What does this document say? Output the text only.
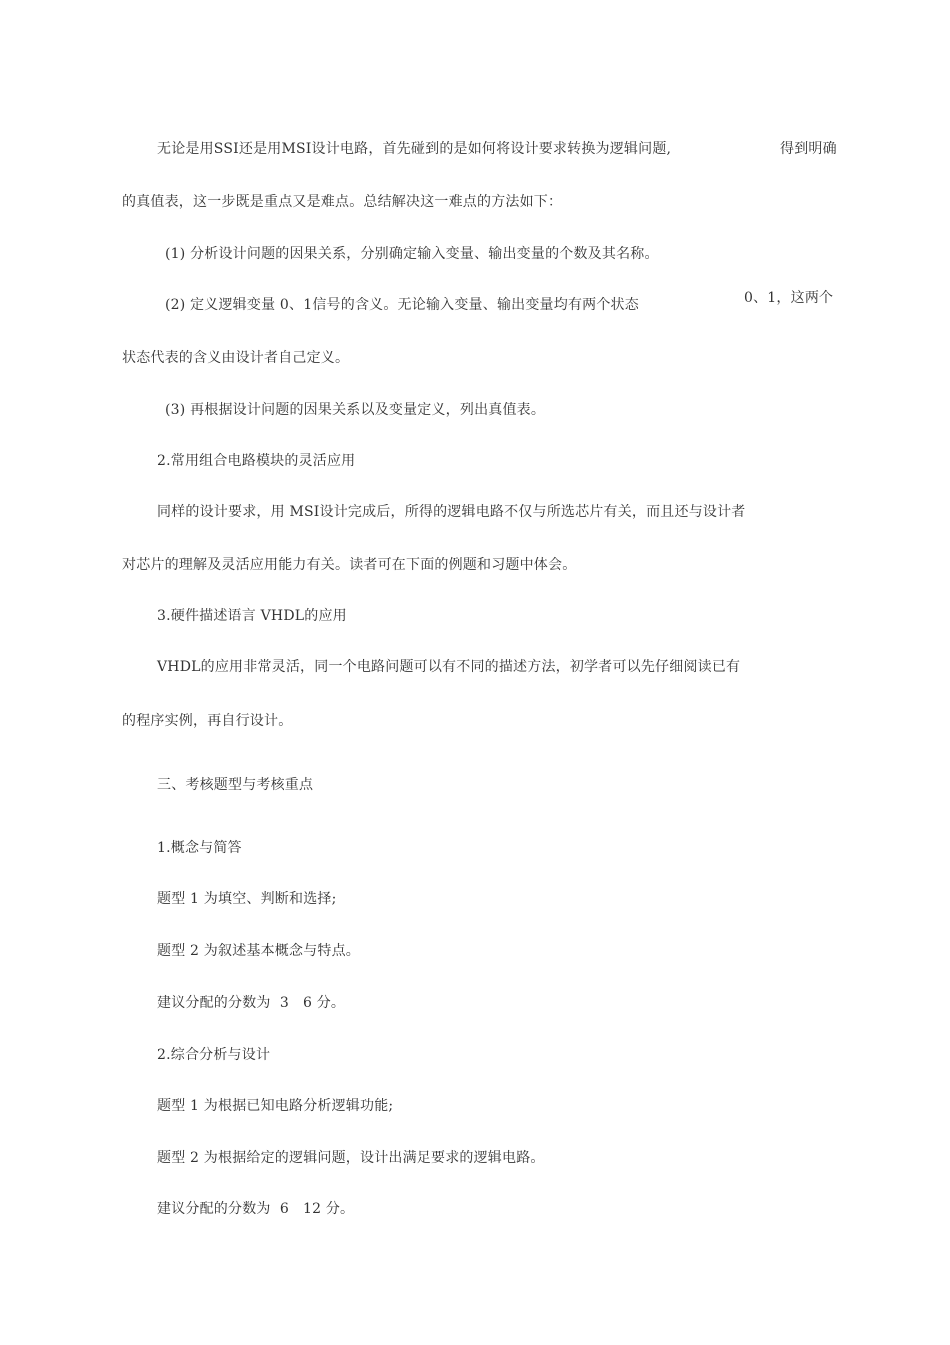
无论是用SSI还是用MSI设计电路，首先碰到的是如何将设计要求转换为逻辑问题,	得到明确
的真值表，这一步既是重点又是难点。总结解决这一难点的方法如下：
(1) 分析设计问题的因果关系，分别确定输入变量、输出变量的个数及其名称。
(2) 定义逻辑变量 0、1信号的含义。无论输入变量、输出变量均有两个状态	0、1，这两个
状态代表的含义由设计者自己定义。
(3) 再根据设计问题的因果关系以及变量定义，列出真值表。
2.常用组合电路模块的灵活应用
同样的设计要求，用 MSI设计完成后，所得的逻辑电路不仅与所选芯片有关，而且还与设计者
对芯片的理解及灵活应用能力有关。读者可在下面的例题和习题中体会。
3.硬件描述语言 VHDL的应用
VHDL的应用非常灵活，同一个电路问题可以有不同的描述方法，初学者可以先仔细阅读已有
的程序实例，再自行设计。
三、考核题型与考核重点
1.概念与简答
题型 1 为填空、判断和选择;
题型 2 为叙述基本概念与特点。
建议分配的分数为  3   6 分。
2.综合分析与设计
题型 1 为根据已知电路分析逻辑功能;
题型 2 为根据给定的逻辑问题，设计出满足要求的逻辑电路。
建议分配的分数为  6   12 分。
